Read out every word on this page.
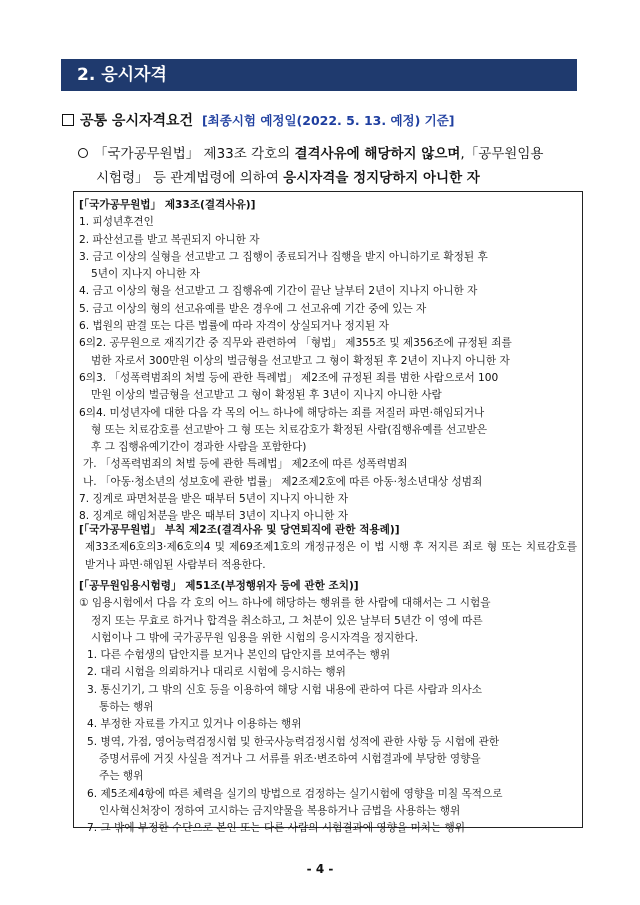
2. 응시자격
공통 응시자격요건 [최종시험 예정일(2022. 5. 13. 예정) 기준]
「국가공무원법」 제33조 각호의 결격사유에 해당하지 않으며,「공무원임용
시험령」 등 관계법령에 의하여 응시자격을 정지당하지 아니한 자
[「국가공무원법」 제33조(결격사유)]
1. 피성년후견인
2. 파산선고를 받고 복권되지 아니한 자
3. 금고 이상의 실형을 선고받고 그 집행이 종료되거나 집행을 받지 아니하기로 확정된 후
5년이 지나지 아니한 자
4. 금고 이상의 형을 선고받고 그 집행유예 기간이 끝난 날부터 2년이 지나지 아니한 자
5. 금고 이상의 형의 선고유예를 받은 경우에 그 선고유예 기간 중에 있는 자
6. 법원의 판결 또는 다른 법률에 따라 자격이 상실되거나 정지된 자
6의2. 공무원으로 재직기간 중 직무와 관련하여 「형법」 제355조 및 제356조에 규정된 죄를
범한 자로서 300만원 이상의 벌금형을 선고받고 그 형이 확정된 후 2년이 지나지 아니한 자
6의3. 「성폭력범죄의 처벌 등에 관한 특례법」 제2조에 규정된 죄를 범한 사람으로서 100
만원 이상의 벌금형을 선고받고 그 형이 확정된 후 3년이 지나지 아니한 사람
6의4. 미성년자에 대한 다음 각 목의 어느 하나에 해당하는 죄를 저질러 파면·해임되거나
형 또는 치료감호를 선고받아 그 형 또는 치료감호가 확정된 사람(집행유예를 선고받은
후 그 집행유예기간이 경과한 사람을 포함한다)
가. 「성폭력범죄의 처벌 등에 관한 특례법」 제2조에 따른 성폭력범죄
나. 「아동·청소년의 성보호에 관한 법률」 제2조제2호에 따른 아동·청소년대상 성범죄
7. 징계로 파면처분을 받은 때부터 5년이 지나지 아니한 자
8. 징계로 해임처분을 받은 때부터 3년이 지나지 아니한 자
[「국가공무원법」 부칙 제2조(결격사유 및 당연퇴직에 관한 적용례)]
제33조제6호의3·제6호의4 및 제69조제1호의 개정규정은 이 법 시행 후 저지른 죄로 형 또는 치료감호를 받거나 파면·해임된 사람부터 적용한다.
[「공무원임용시험령」 제51조(부정행위자 등에 관한 조치)]
① 임용시험에서 다음 각 호의 어느 하나에 해당하는 행위를 한 사람에 대해서는 그 시험을
정지 또는 무효로 하거나 합격을 취소하고, 그 처분이 있은 날부터 5년간 이 영에 따른
시험이나 그 밖에 국가공무원 임용을 위한 시험의 응시자격을 정지한다.
1. 다른 수험생의 답안지를 보거나 본인의 답안지를 보여주는 행위
2. 대리 시험을 의뢰하거나 대리로 시험에 응시하는 행위
3. 통신기기, 그 밖의 신호 등을 이용하여 해당 시험 내용에 관하여 다른 사람과 의사소
통하는 행위
4. 부정한 자료를 가지고 있거나 이용하는 행위
5. 병역, 가점, 영어능력검정시험 및 한국사능력검정시험 성적에 관한 사항 등 시험에 관한
증명서류에 거짓 사실을 적거나 그 서류를 위조·변조하여 시험결과에 부당한 영향을
주는 행위
6. 제5조제4항에 따른 체력을 실기의 방법으로 검정하는 실기시험에 영향을 미칠 목적으로
인사혁신처장이 정하여 고시하는 금지약물을 복용하거나 금법을 사용하는 행위
7. 그 밖에 부정한 수단으로 본인 또는 다른 사람의 시험결과에 영향을 미치는 행위
- 4 -
